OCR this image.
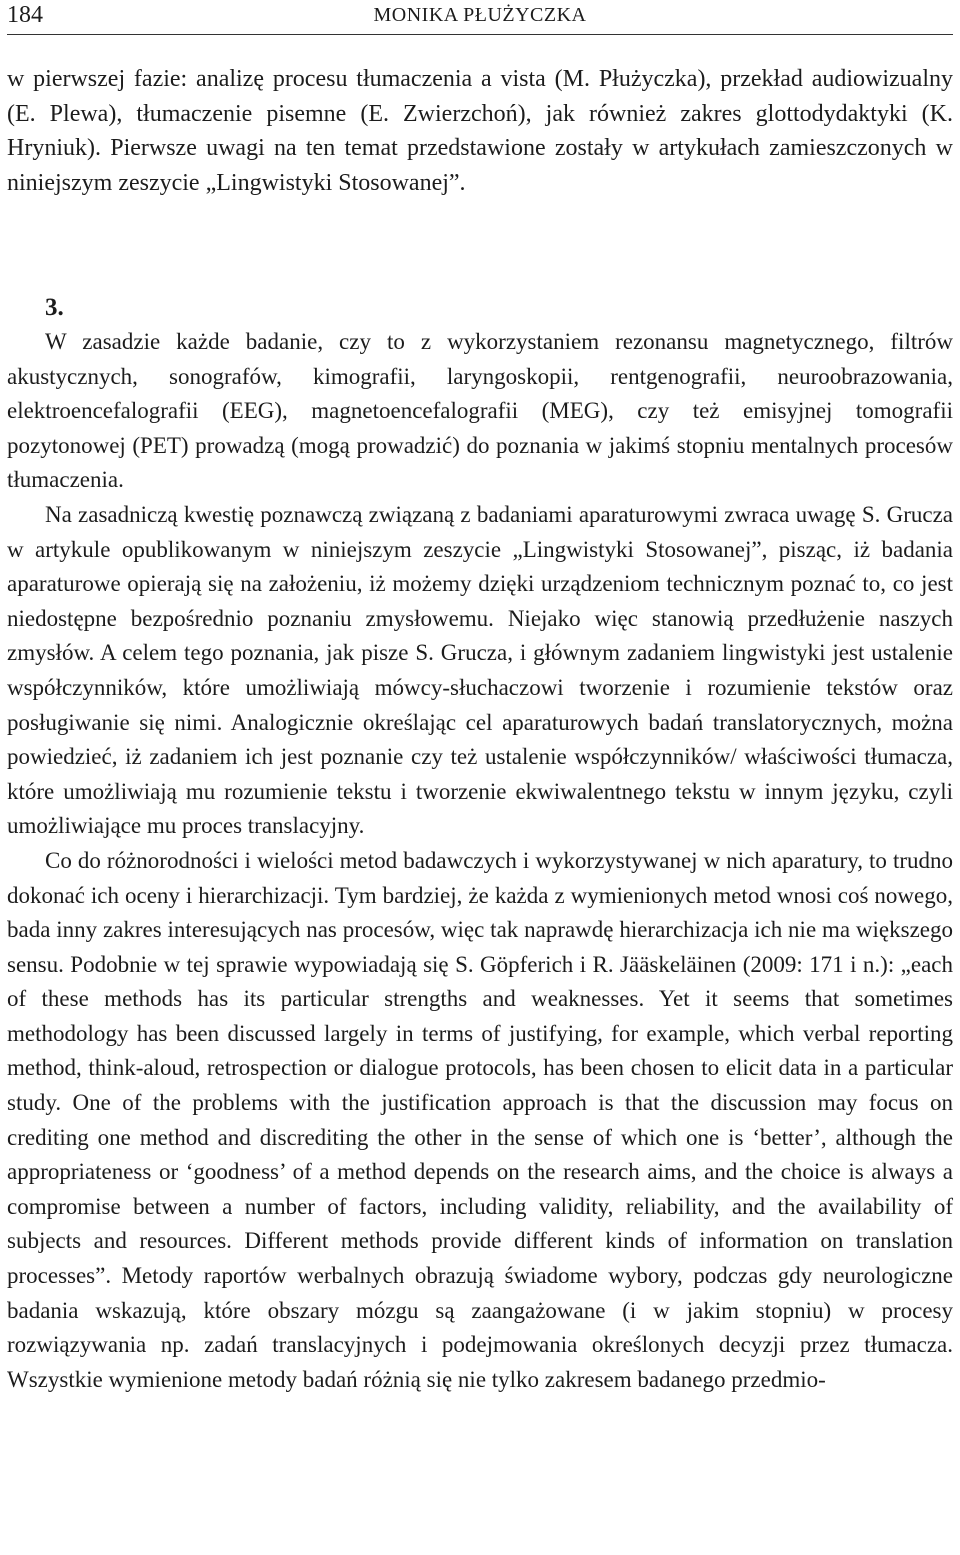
184	MONIKA PŁUŻYCZKA
w pierwszej fazie: analizę procesu tłumaczenia a vista (M. Płużyczka), przekład audiowizualny (E. Plewa), tłumaczenie pisemne (E. Zwierzchoń), jak również zakres glottodydaktyki (K. Hryniuk). Pierwsze uwagi na ten temat przedstawione zostały w artykułach zamieszczonych w niniejszym zeszycie „Lingwistyki Stosowanej”.
3.

W zasadzie każde badanie, czy to z wykorzystaniem rezonansu magnetycznego, filtrów akustycznych, sonografów, kimografii, laryngoskopii, rentgenografii, neuroobrazowania, elektroencefalografii (EEG), magnetoencefalografii (MEG), czy też emisyjnej tomografii pozytonowej (PET) prowadzą (mogą prowadzić) do poznania w jakimś stopniu mentalnych procesów tłumaczenia.

Na zasadniczą kwestię poznawczą związaną z badaniami aparaturowymi zwraca uwagę S. Grucza w artykule opublikowanym w niniejszym zeszycie „Lingwistyki Stosowanej”, pisząc, iż badania aparaturowe opierają się na założeniu, iż możemy dzięki urządzeniom technicznym poznać to, co jest niedostępne bezpośrednio poznaniu zmysłowemu. Niejako więc stanowią przedłużenie naszych zmysłów. A celem tego poznania, jak pisze S. Grucza, i głównym zadaniem lingwistyki jest ustalenie współczynników, które umożliwiają mówcy-słuchaczowi tworzenie i rozumienie tekstów oraz posługiwanie się nimi. Analogicznie określając cel aparaturowych badań translatorycznych, można powiedzieć, iż zadaniem ich jest poznanie czy też ustalenie współczynników/ właściwości tłumacza, które umożliwiają mu rozumienie tekstu i tworzenie ekwiwalentnego tekstu w innym języku, czyli umożliwiające mu proces translacyjny.

Co do różnorodności i wielości metod badawczych i wykorzystywanej w nich aparatury, to trudno dokonać ich oceny i hierarchizacji. Tym bardziej, że każda z wymienionych metod wnosi coś nowego, bada inny zakres interesujących nas procesów, więc tak naprawdę hierarchizacja ich nie ma większego sensu. Podobnie w tej sprawie wypowiadają się S. Göpferich i R. Jääskeläinen (2009: 171 i n.): „each of these methods has its particular strengths and weaknesses. Yet it seems that sometimes methodology has been discussed largely in terms of justifying, for example, which verbal reporting method, think-aloud, retrospection or dialogue protocols, has been chosen to elicit data in a particular study. One of the problems with the justification approach is that the discussion may focus on crediting one method and discrediting the other in the sense of which one is ‘better’, although the appropriateness or ‘goodness’ of a method depends on the research aims, and the choice is always a compromise between a number of factors, including validity, reliability, and the availability of subjects and resources. Different methods provide different kinds of information on translation processes”. Metody raportów werbalnych obrazują świadome wybory, podczas gdy neurologiczne badania wskazują, które obszary mózgu są zaangażowane (i w jakim stopniu) w procesy rozwiązywania np. zadań translacyjnych i podejmowania określonych decyzji przez tłumacza. Wszystkie wymienione metody badań różnią się nie tylko zakresem badanego przedmio-
